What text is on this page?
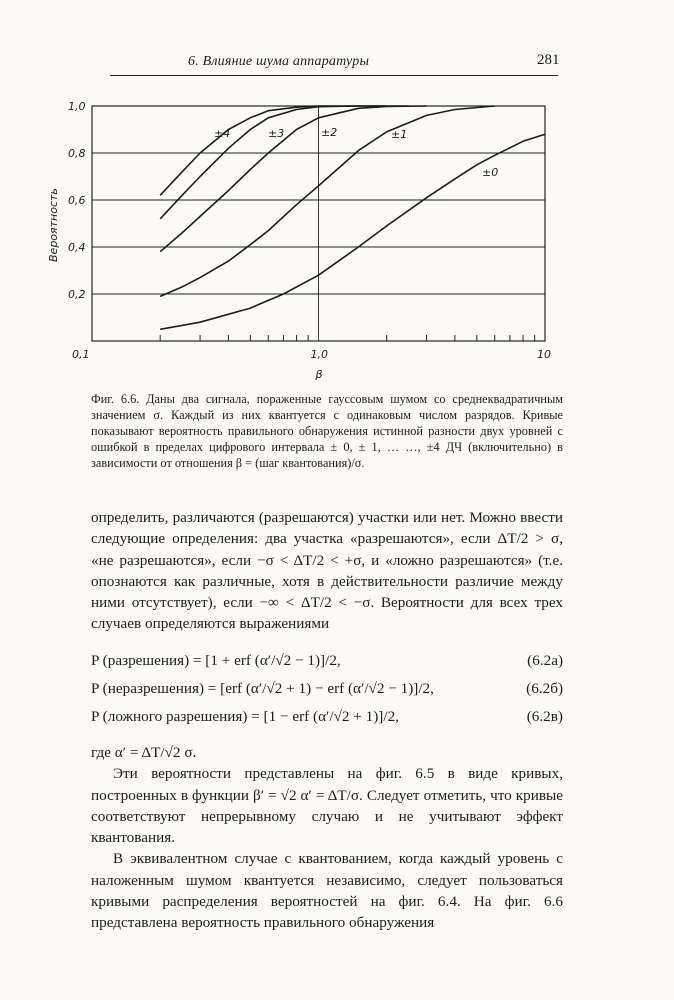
6. Влияние шума аппаратуры	281
0,2
0,4
0,6
0,8
1,0
0,1	1,0	10
β
Вероятность
±4	±3	±2	±1
±0
Фиг. 6.6. Даны два сигнала, пораженные гауссовым шумом со среднеквадратичным значением σ. Каждый из них квантуется с одинаковым числом разрядов. Кривые показывают вероятность правильного обнаружения истинной разности двух уровней с ошибкой в пределах цифрового интервала ± 0, ± 1, … …, ±4 ДЧ (включительно) в зависимости от отношения β = (шаг квантования)/σ.
определить, различаются (разрешаются) участки или нет. Можно ввести следующие определения: два участка «разрешаются», если ΔT/2 > σ, «не разрешаются», если −σ < ΔT/2 < +σ, и «ложно разрешаются» (т.е. опознаются как различные, хотя в действительности различие между ними отсутствует), если −∞ < ΔT/2 < −σ. Вероятности для всех трех случаев определяются выражениями
P (разрешения) = [1 + erf (α′/√2 − 1)]/2,	(6.2а)
P (неразрешения) = [erf (α′/√2 + 1) − erf (α′/√2 − 1)]/2,	(6.2б)
P (ложного разрешения) = [1 − erf (α′/√2 + 1)]/2,	(6.2в)

где α′ = ΔT/√2 σ.

Эти вероятности представлены на фиг. 6.5 в виде кривых, построенных в функции β′ = √2 α′ = ΔT/σ. Следует отметить, что кривые соответствуют непрерывному случаю и не учитывают эффект квантования.

В эквивалентном случае с квантованием, когда каждый уровень с наложенным шумом квантуется независимо, следует пользоваться кривыми распределения вероятностей на фиг. 6.4. На фиг. 6.6 представлена вероятность правильного обнаружения
